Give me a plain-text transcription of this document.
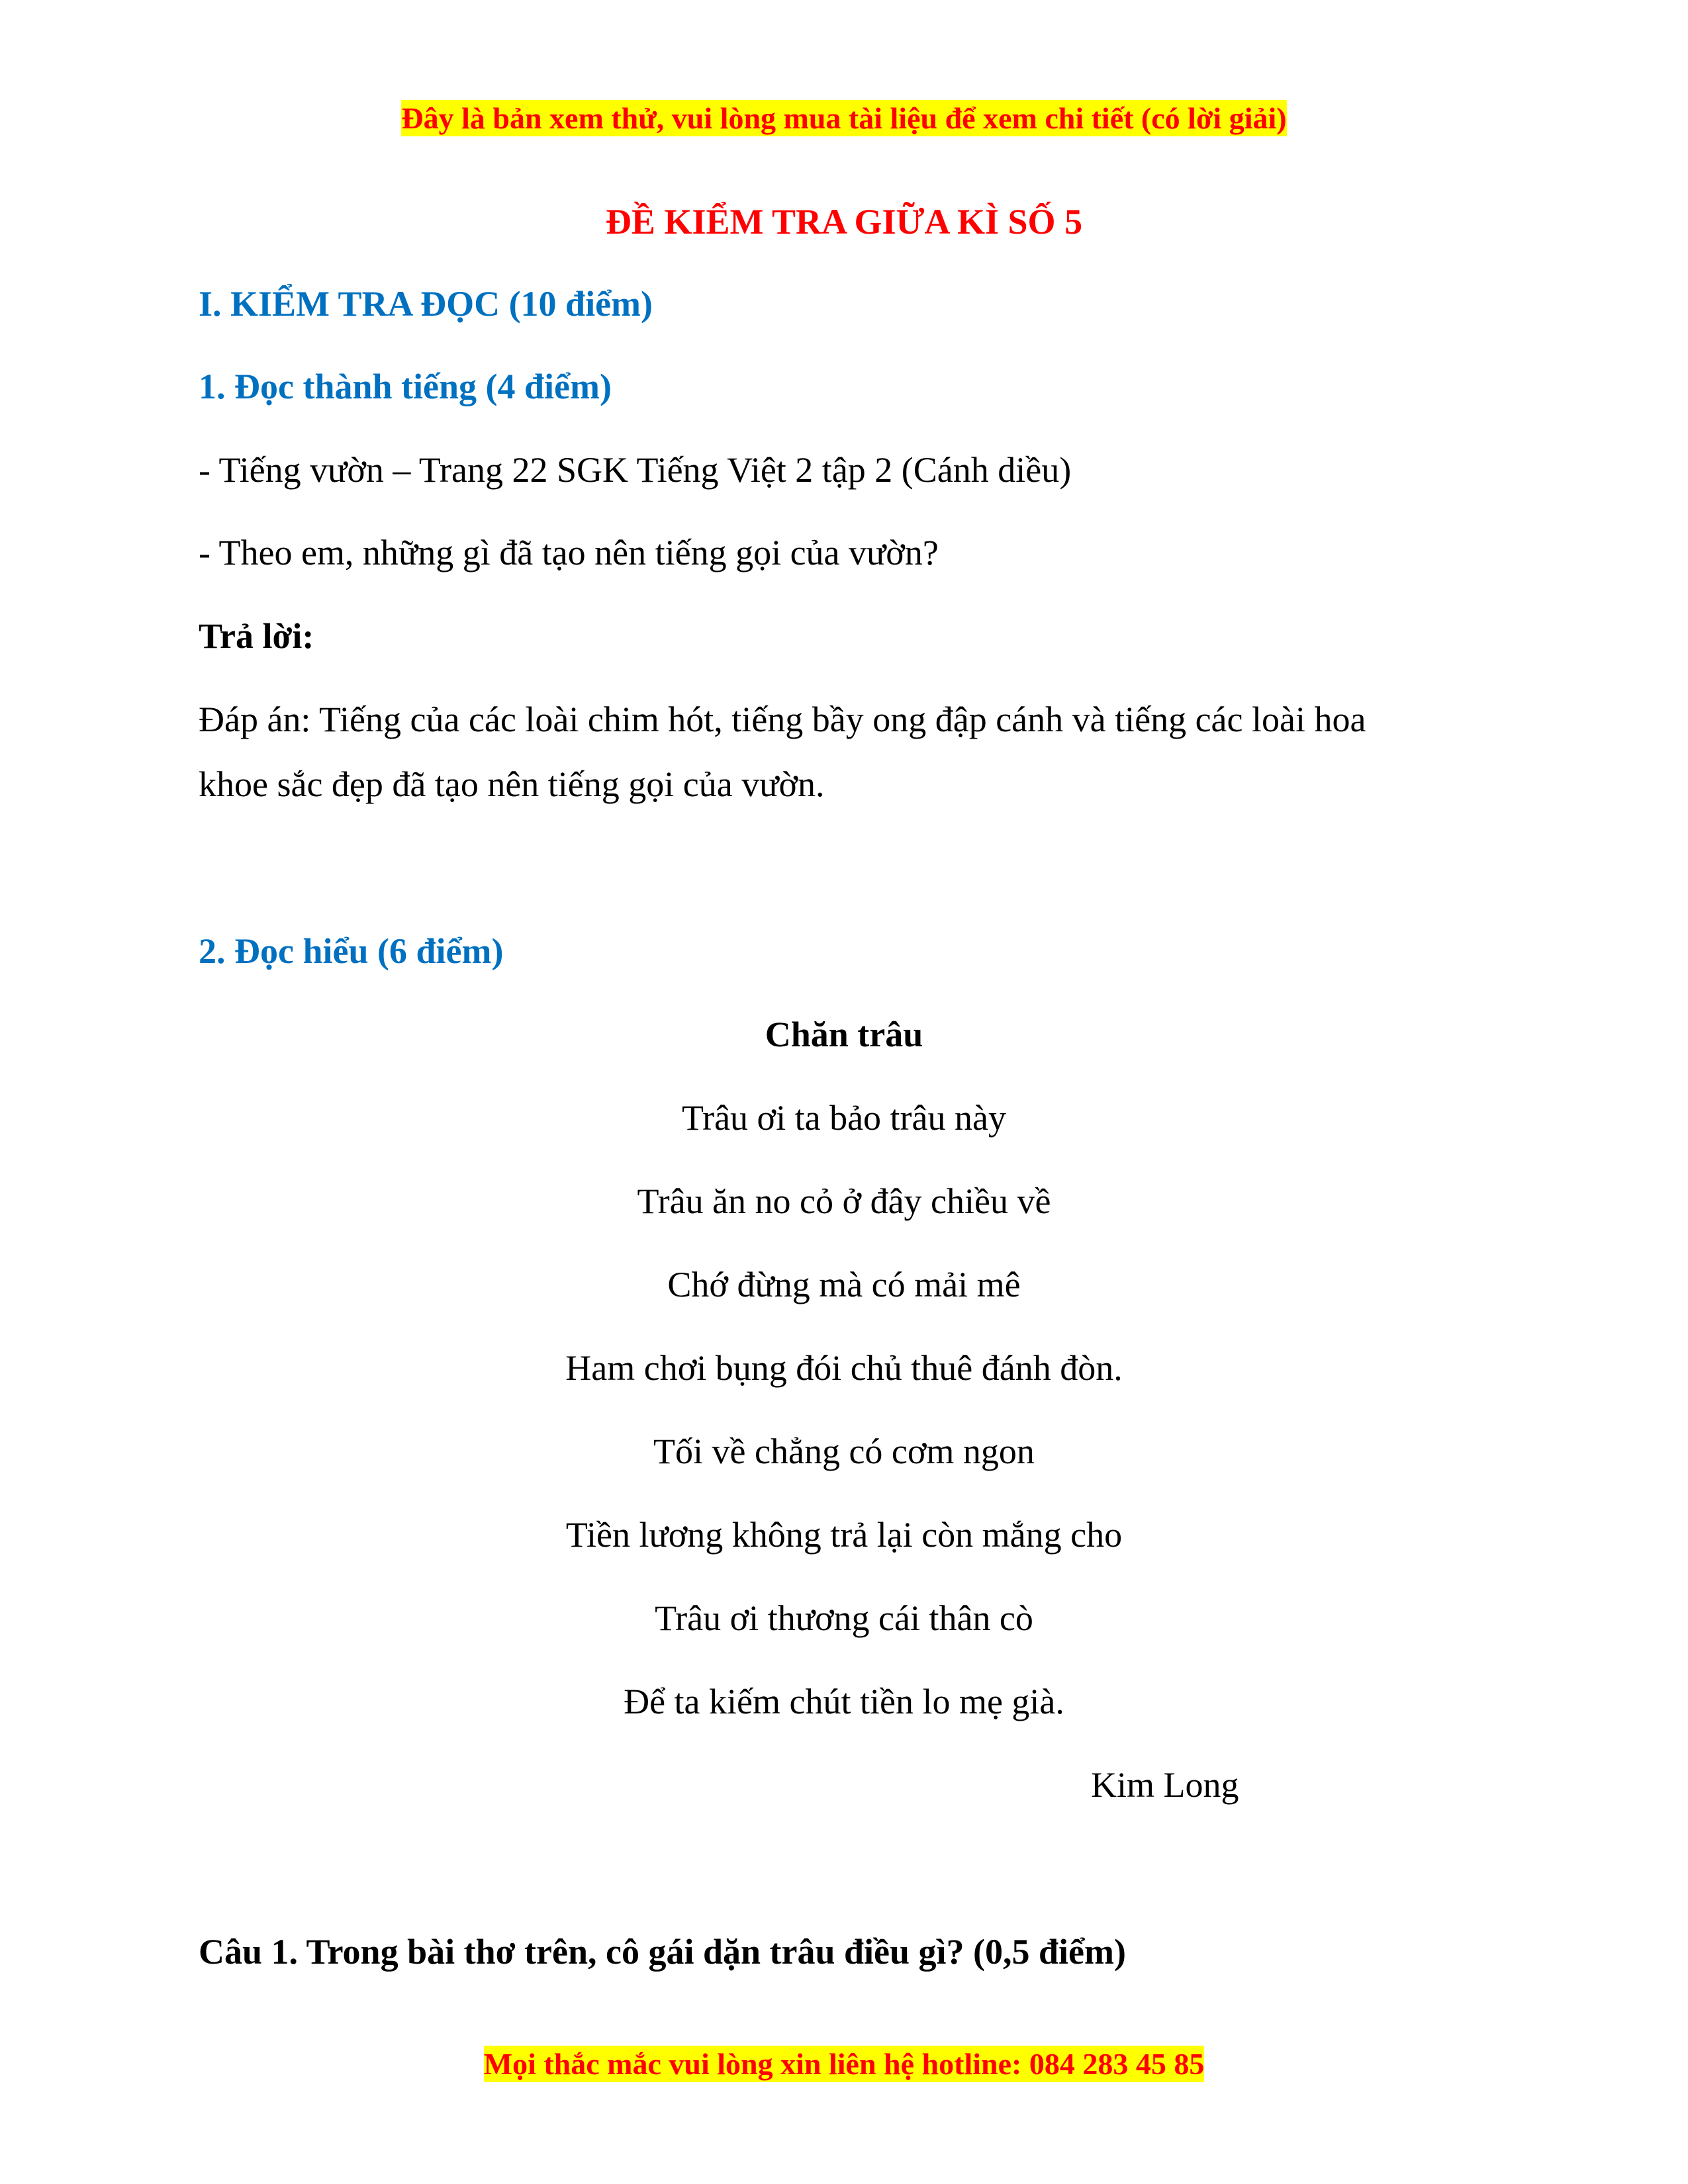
Đây là bản xem thử, vui lòng mua tài liệu để xem chi tiết (có lời giải)
ĐỀ KIỂM TRA GIỮA KÌ SỐ 5
I. KIỂM TRA ĐỌC (10 điểm)
1. Đọc thành tiếng (4 điểm)
- Tiếng vườn – Trang 22 SGK Tiếng Việt 2 tập 2 (Cánh diều)
- Theo em, những gì đã tạo nên tiếng gọi của vườn?
Trả lời:
Đáp án: Tiếng của các loài chim hót, tiếng bầy ong đập cánh và tiếng các loài hoa
khoe sắc đẹp đã tạo nên tiếng gọi của vườn.
2. Đọc hiểu (6 điểm)
Chăn trâu
Trâu ơi ta bảo trâu này
Trâu ăn no cỏ ở đây chiều về
Chớ đừng mà có mải mê
Ham chơi bụng đói chủ thuê đánh đòn.
Tối về chẳng có cơm ngon
Tiền lương không trả lại còn mắng cho
Trâu ơi thương cái thân cò
Để ta kiếm chút tiền lo mẹ già.
Kim Long
Câu 1. Trong bài thơ trên, cô gái dặn trâu điều gì? (0,5 điểm)
Mọi thắc mắc vui lòng xin liên hệ hotline: 084 283 45 85
